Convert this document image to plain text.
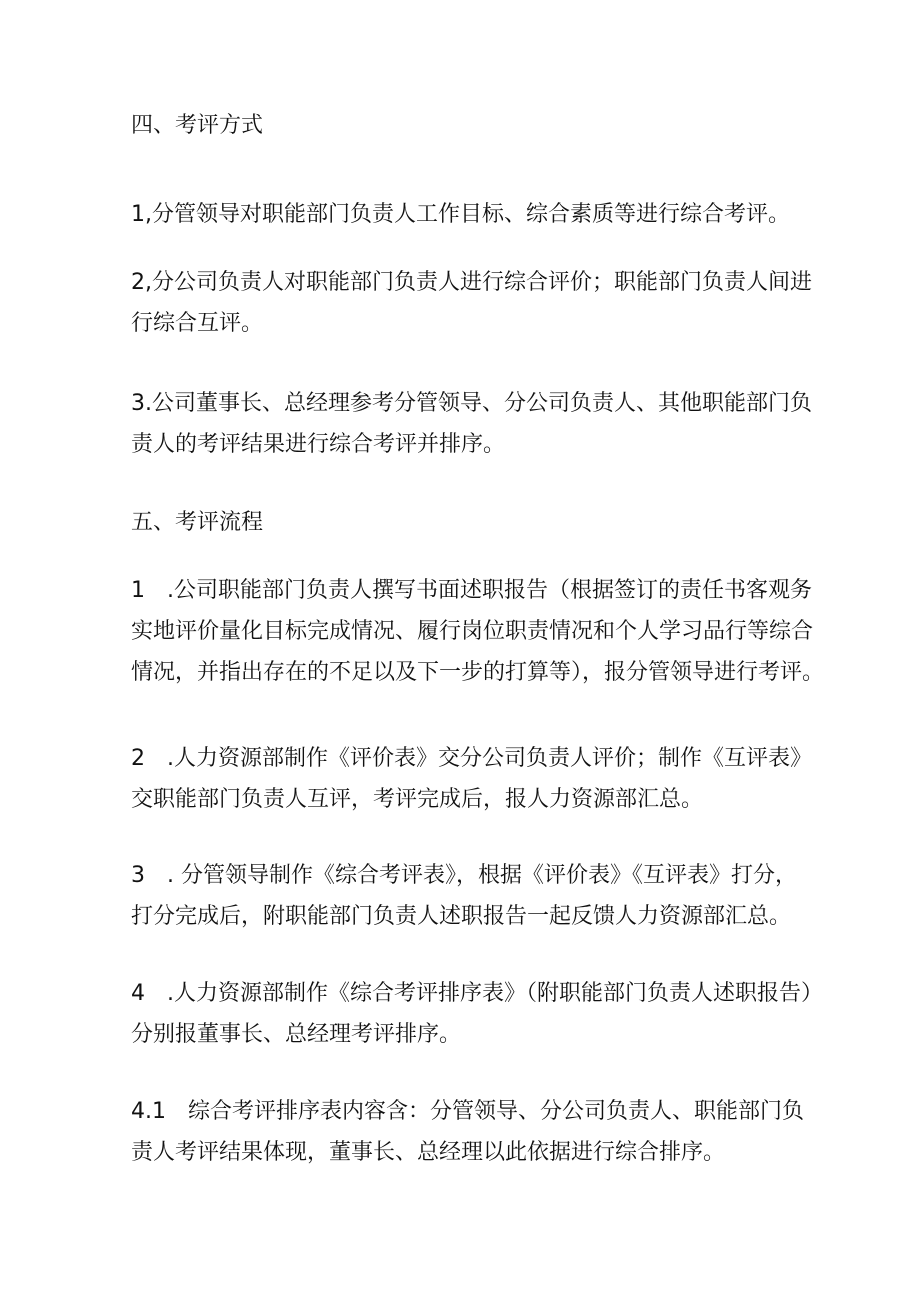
四、考评方式

1,分管领导对职能部门负责人工作目标、综合素质等进行综合考评。

2,分公司负责人对职能部门负责人进行综合评价；职能部门负责人间进
行综合互评。

3.公司董事长、总经理参考分管领导、分公司负责人、其他职能部门负
责人的考评结果进行综合考评并排序。

五、考评流程

1　.公司职能部门负责人撰写书面述职报告（根据签订的责任书客观务
实地评价量化目标完成情况、履行岗位职责情况和个人学习品行等综合
情况，并指出存在的不足以及下一步的打算等），报分管领导进行考评。

2　.人力资源部制作《评价表》交分公司负责人评价；制作《互评表》
交职能部门负责人互评，考评完成后，报人力资源部汇总。

3　. 分管领导制作《综合考评表》，根据《评价表》《互评表》打分，
打分完成后，附职能部门负责人述职报告一起反馈人力资源部汇总。

4　.人力资源部制作《综合考评排序表》（附职能部门负责人述职报告）
分别报董事长、总经理考评排序。

4.1　综合考评排序表内容含：分管领导、分公司负责人、职能部门负
责人考评结果体现，董事长、总经理以此依据进行综合排序。
